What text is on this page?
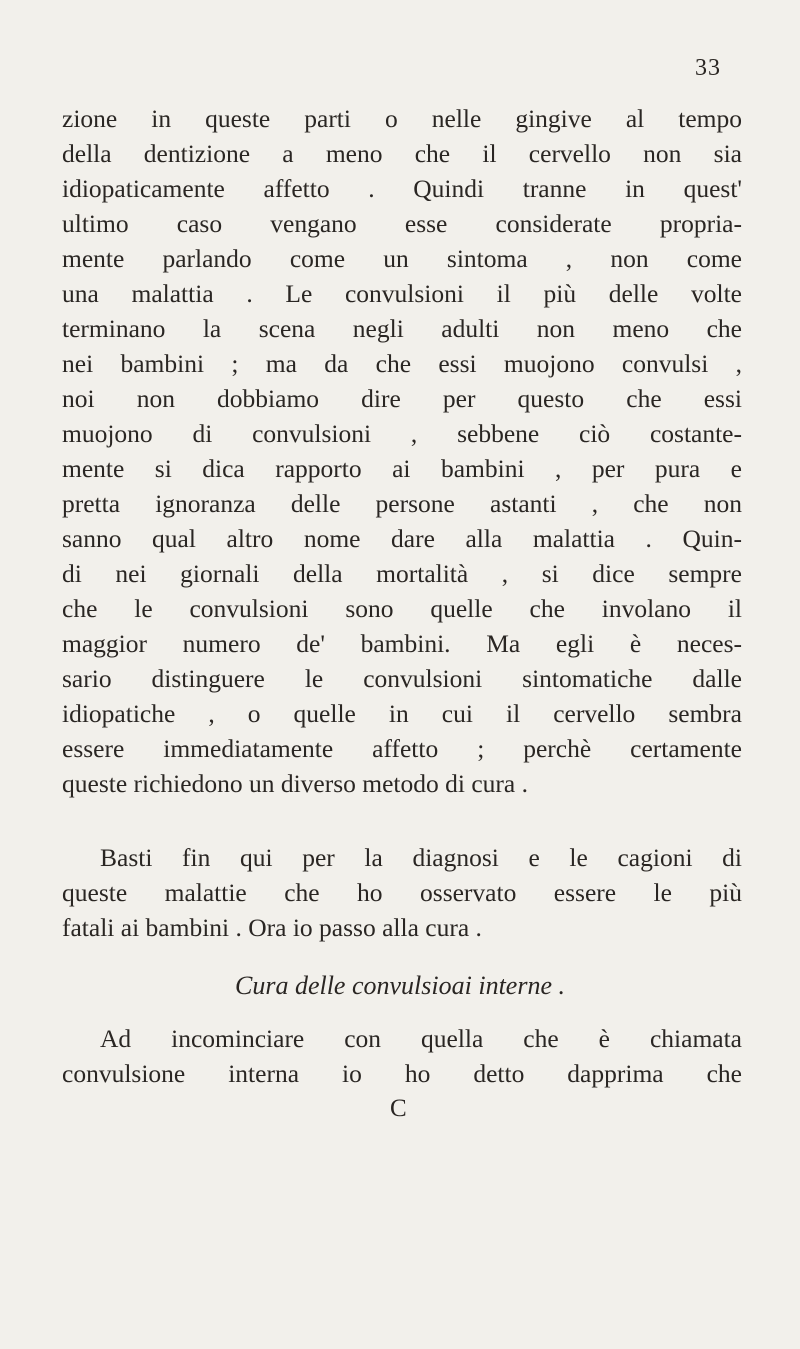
33
zione in queste parti o nelle gingive al tempo
della dentizione a meno che il cervello non sia
idiopaticamente affetto . Quindi tranne in quest'
ultimo caso vengano esse considerate propria-
mente parlando come un sintoma , non come
una malattia . Le convulsioni il più delle volte
terminano la scena negli adulti non meno che
nei bambini ; ma da che essi muojono convulsi ,
noi non dobbiamo dire per questo che essi
muojono di convulsioni , sebbene ciò costante-
mente si dica rapporto ai bambini , per pura e
pretta ignoranza delle persone astanti , che non
sanno qual altro nome dare alla malattia . Quin-
di nei giornali della mortalità , si dice sempre
che le convulsioni sono quelle che involano il
maggior numero de' bambini. Ma egli è neces-
sario distinguere le convulsioni sintomatiche dalle
idiopatiche , o quelle in cui il cervello sembra
essere immediatamente affetto ; perchè certamente
queste richiedono un diverso metodo di cura .
Basti fin qui per la diagnosi e le cagioni di
queste malattie che ho osservato essere le più
fatali ai bambini . Ora io passo alla cura .
Cura delle convulsioai interne .
Ad incominciare con quella che è chiamata
convulsione interna io ho detto dapprima che
C
